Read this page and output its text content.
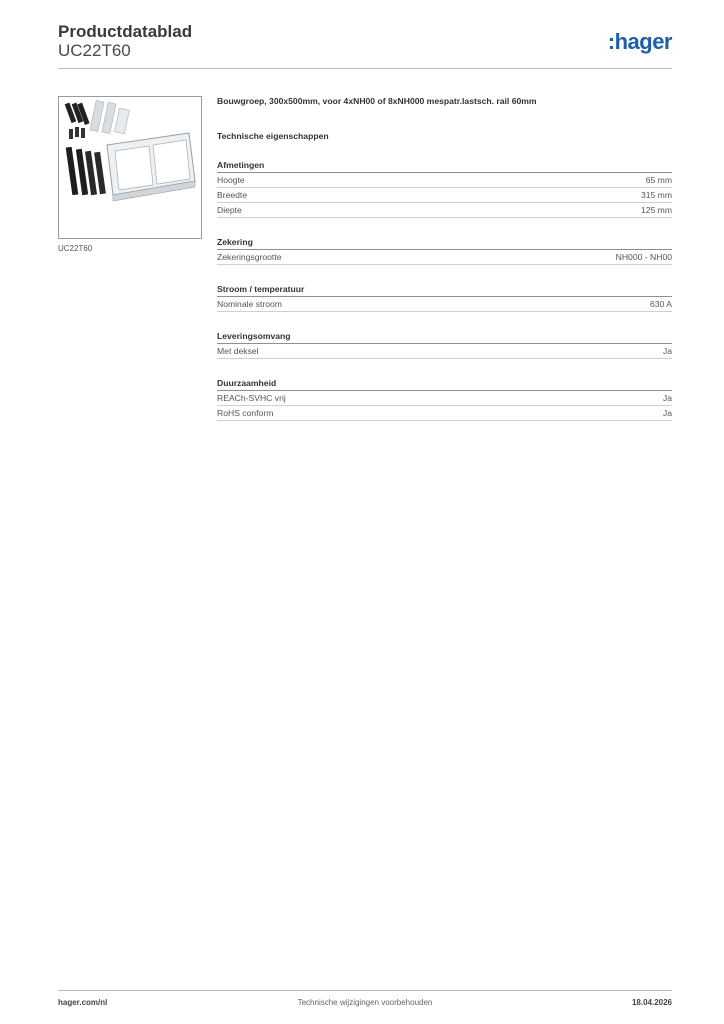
Productdatablad
UC22T60	:hager
UC22T60

Bouwgroep, 300x500mm, voor 4xNH00 of 8xNH000 mespatr.lastsch. rail 60mm

Technische eigenschappen
Afmetingen
Hoogte	65 mm
Breedte	315 mm
Diepte	125 mm
Zekering
Zekeringsgrootte	NH000 - NH00
Stroom / temperatuur
Nominale stroom	630 A
Leveringsomvang
Met deksel	Ja
Duurzaamheid
REACh-SVHC vrij	Ja
RoHS conform	Ja
hager.com/nl	Technische wijzigingen voorbehouden	18.04.2026
